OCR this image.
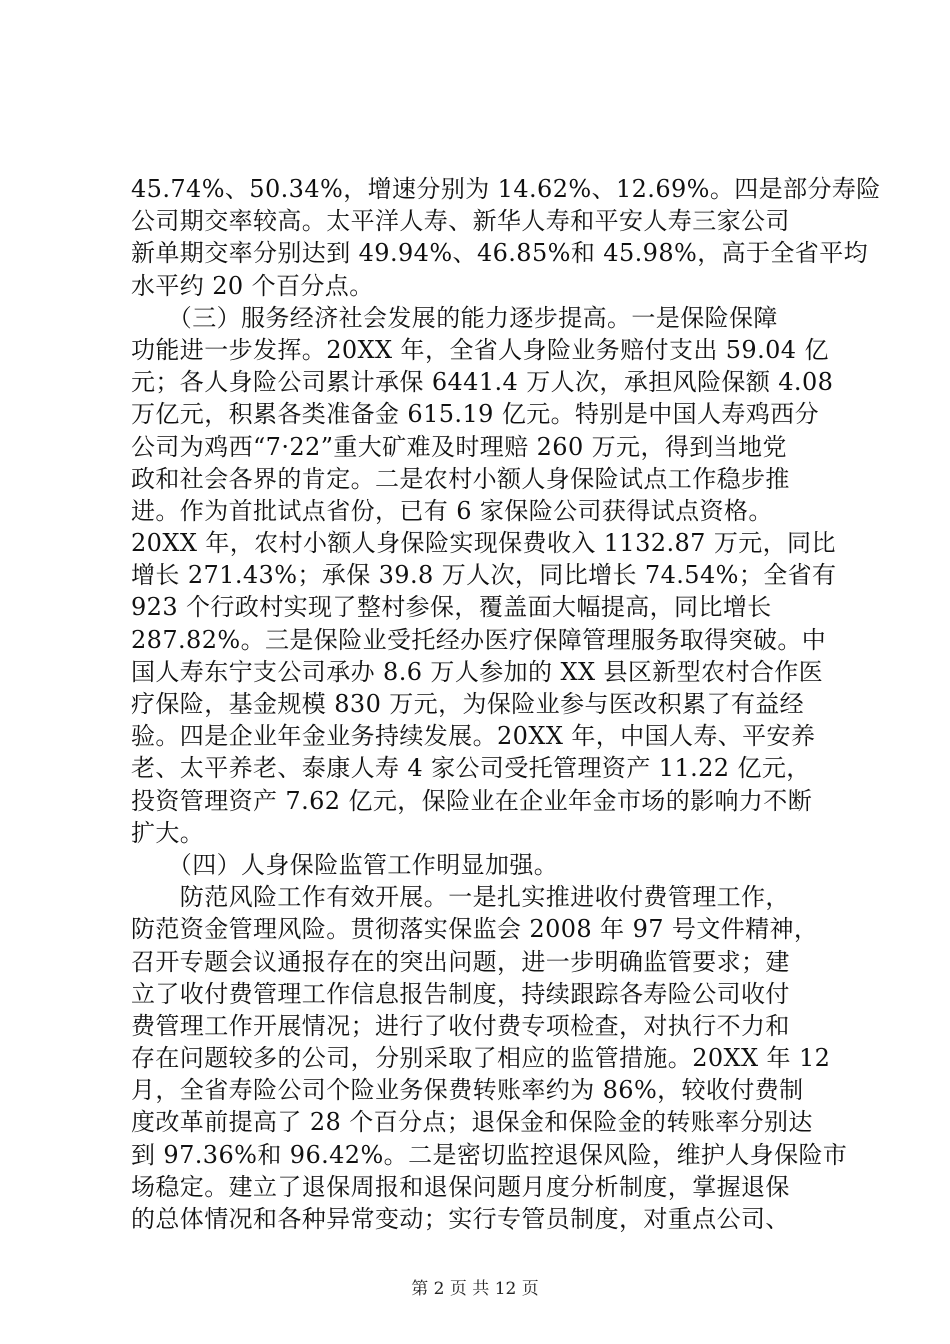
45.74%、50.34%，增速分别为 14.62%、12.69%。四是部分寿险
公司期交率较高。太平洋人寿、新华人寿和平安人寿三家公司
新单期交率分别达到 49.94%、46.85%和 45.98%，高于全省平均
水平约 20 个百分点。
　　（三）服务经济社会发展的能力逐步提高。一是保险保障
功能进一步发挥。20XX 年，全省人身险业务赔付支出 59.04 亿
元；各人身险公司累计承保 6441.4 万人次，承担风险保额 4.08
万亿元，积累各类准备金 615.19 亿元。特别是中国人寿鸡西分
公司为鸡西“7·22”重大矿难及时理赔 260 万元，得到当地党
政和社会各界的肯定。二是农村小额人身保险试点工作稳步推
进。作为首批试点省份，已有 6 家保险公司获得试点资格。
20XX 年，农村小额人身保险实现保费收入 1132.87 万元，同比
增长 271.43%；承保 39.8 万人次，同比增长 74.54%；全省有
923 个行政村实现了整村参保，覆盖面大幅提高，同比增长
287.82%。三是保险业受托经办医疗保障管理服务取得突破。中
国人寿东宁支公司承办 8.6 万人参加的 XX 县区新型农村合作医
疗保险，基金规模 830 万元，为保险业参与医改积累了有益经
验。四是企业年金业务持续发展。20XX 年，中国人寿、平安养
老、太平养老、泰康人寿 4 家公司受托管理资产 11.22 亿元，
投资管理资产 7.62 亿元，保险业在企业年金市场的影响力不断
扩大。
　　（四）人身保险监管工作明显加强。
　　防范风险工作有效开展。一是扎实推进收付费管理工作，
防范资金管理风险。贯彻落实保监会 2008 年 97 号文件精神，
召开专题会议通报存在的突出问题，进一步明确监管要求；建
立了收付费管理工作信息报告制度，持续跟踪各寿险公司收付
费管理工作开展情况；进行了收付费专项检查，对执行不力和
存在问题较多的公司，分别采取了相应的监管措施。20XX 年 12
月，全省寿险公司个险业务保费转账率约为 86%，较收付费制
度改革前提高了 28 个百分点；退保金和保险金的转账率分别达
到 97.36%和 96.42%。二是密切监控退保风险，维护人身保险市
场稳定。建立了退保周报和退保问题月度分析制度，掌握退保
的总体情况和各种异常变动；实行专管员制度，对重点公司、
第 2 页 共 12 页
